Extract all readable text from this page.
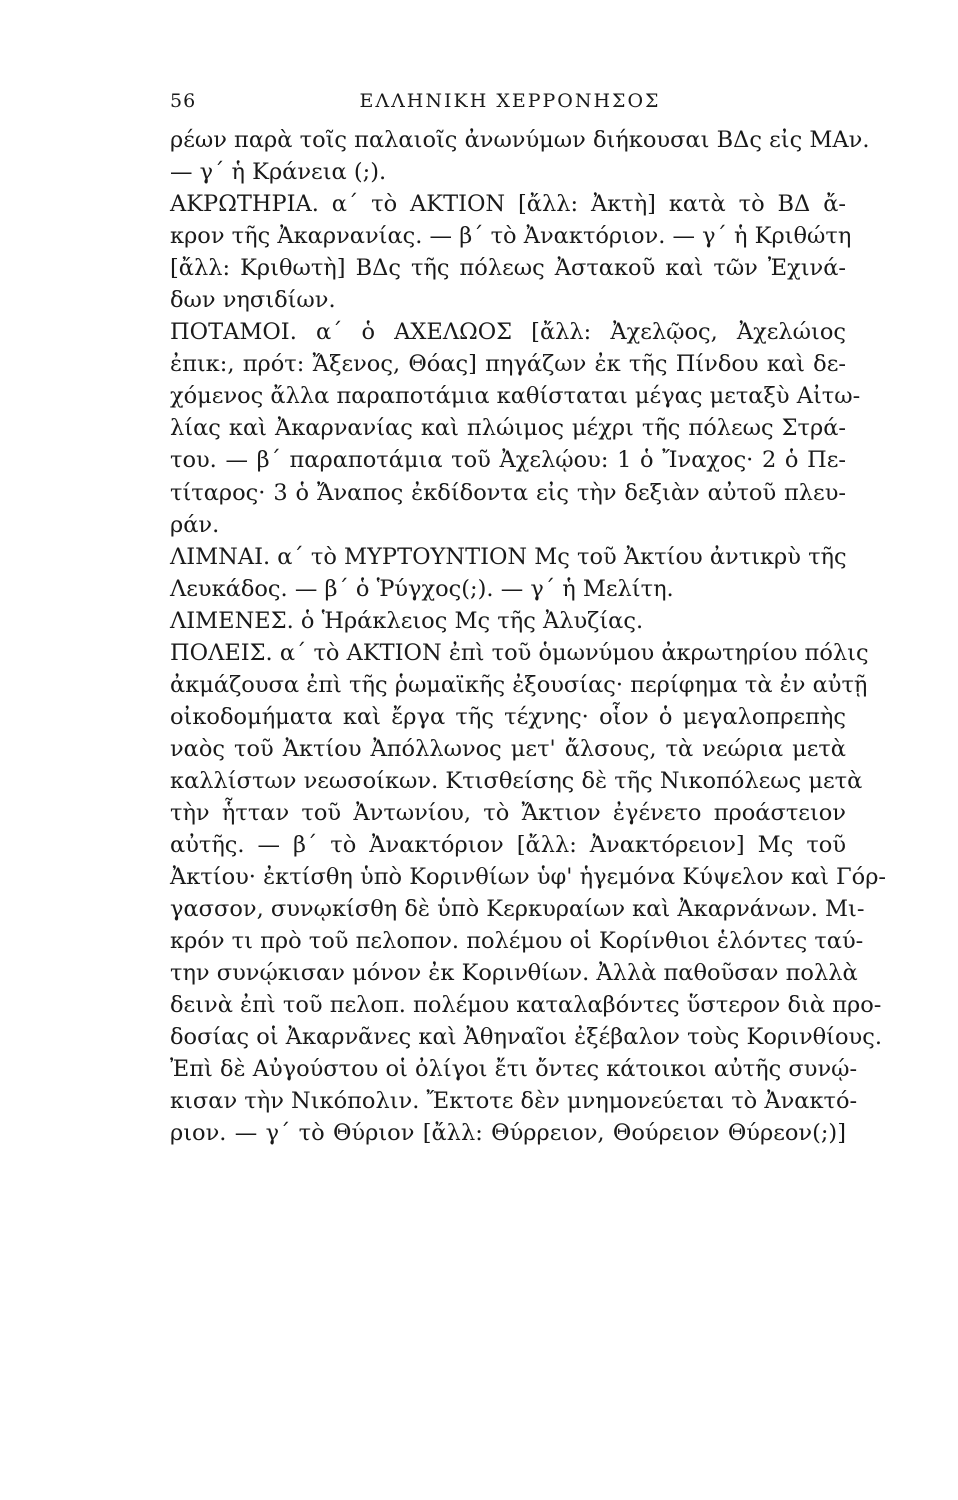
56	ΕΛΛΗΝΙΚΗ ΧΕΡΡΟΝΗΣΟΣ
ρέων παρὰ τοῖς παλαιοῖς ἀνωνύμων διήκουσαι ΒΔς εἰς ΜΑν.
— γ΄ ἡ Κράνεια (;).
ΑΚΡΩΤΗΡΙΑ. α΄ τὸ ΑΚΤΙΟΝ [ἄλλ: Ἀκτὴ] κατὰ τὸ ΒΔ ἄ-
κρον τῆς Ἀκαρνανίας. — β΄ τὸ Ἀνακτόριον. — γ΄ ἡ Κριθώτη
[ἄλλ: Κριθωτὴ] ΒΔς τῆς πόλεως Ἀστακοῦ καὶ τῶν Ἐχινά-
δων νησιδίων.
ΠΟΤΑΜΟΙ. α΄ ὁ ΑΧΕΛΩΟΣ [ἄλλ: Ἀχελῷος, Ἀχελώιος
ἐπικ:, πρότ: Ἄξενος, Θόας] πηγάζων ἐκ τῆς Πίνδου καὶ δε-
χόμενος ἄλλα παραποτάμια καθίσταται μέγας μεταξὺ Αἰτω-
λίας καὶ Ἀκαρνανίας καὶ πλώιμος μέχρι τῆς πόλεως Στρά-
του. — β΄ παραποτάμια τοῦ Ἀχελῴου: 1 ὁ Ἴναχος· 2 ὁ Πε-
τίταρος· 3 ὁ Ἄναπος ἐκδίδοντα εἰς τὴν δεξιὰν αὐτοῦ πλευ-
ράν.
ΛΙΜΝΑΙ. α΄ τὸ ΜΥΡΤΟΥΝΤΙΟΝ Μς τοῦ Ἀκτίου ἀντικρὺ τῆς
Λευκάδος. — β΄ ὁ Ῥύγχος(;). — γ΄ ἡ Μελίτη.
ΛΙΜΕΝΕΣ. ὁ Ἡράκλειος Μς τῆς Ἀλυζίας.
ΠΟΛΕΙΣ. α΄ τὸ ΑΚΤΙΟΝ ἐπὶ τοῦ ὁμωνύμου ἀκρωτηρίου πόλις
ἀκμάζουσα ἐπὶ τῆς ῥωμαϊκῆς ἐξουσίας· περίφημα τὰ ἐν αὐτῇ
οἰκοδομήματα καὶ ἔργα τῆς τέχνης· οἷον ὁ μεγαλοπρεπὴς
ναὸς τοῦ Ἀκτίου Ἀπόλλωνος μετ' ἄλσους, τὰ νεώρια μετὰ
καλλίστων νεωσοίκων. Κτισθείσης δὲ τῆς Νικοπόλεως μετὰ
τὴν ἧτταν τοῦ Ἀντωνίου, τὸ Ἄκτιον ἐγένετο προάστειον
αὐτῆς. — β΄ τὸ Ἀνακτόριον [ἄλλ: Ἀνακτόρειον] Μς τοῦ
Ἀκτίου· ἐκτίσθη ὑπὸ Κορινθίων ὑφ' ἡγεμόνα Κύψελον καὶ Γόρ-
γασσον, συνῳκίσθη δὲ ὑπὸ Κερκυραίων καὶ Ἀκαρνάνων. Μι-
κρόν τι πρὸ τοῦ πελοπον. πολέμου οἱ Κορίνθιοι ἑλόντες ταύ-
την συνῴκισαν μόνον ἐκ Κορινθίων. Ἀλλὰ παθοῦσαν πολλὰ
δεινὰ ἐπὶ τοῦ πελοπ. πολέμου καταλαβόντες ὕστερον διὰ προ-
δοσίας οἱ Ἀκαρνᾶνες καὶ Ἀθηναῖοι ἐξέβαλον τοὺς Κορινθίους.
Ἐπὶ δὲ Αὐγούστου οἱ ὀλίγοι ἔτι ὄντες κάτοικοι αὐτῆς συνῴ-
κισαν τὴν Νικόπολιν. Ἔκτοτε δὲν μνημονεύεται τὸ Ἀνακτό-
ριον. — γ΄ τὸ Θύριον [ἄλλ: Θύρρειον, Θούρειον Θύρεον(;)]
